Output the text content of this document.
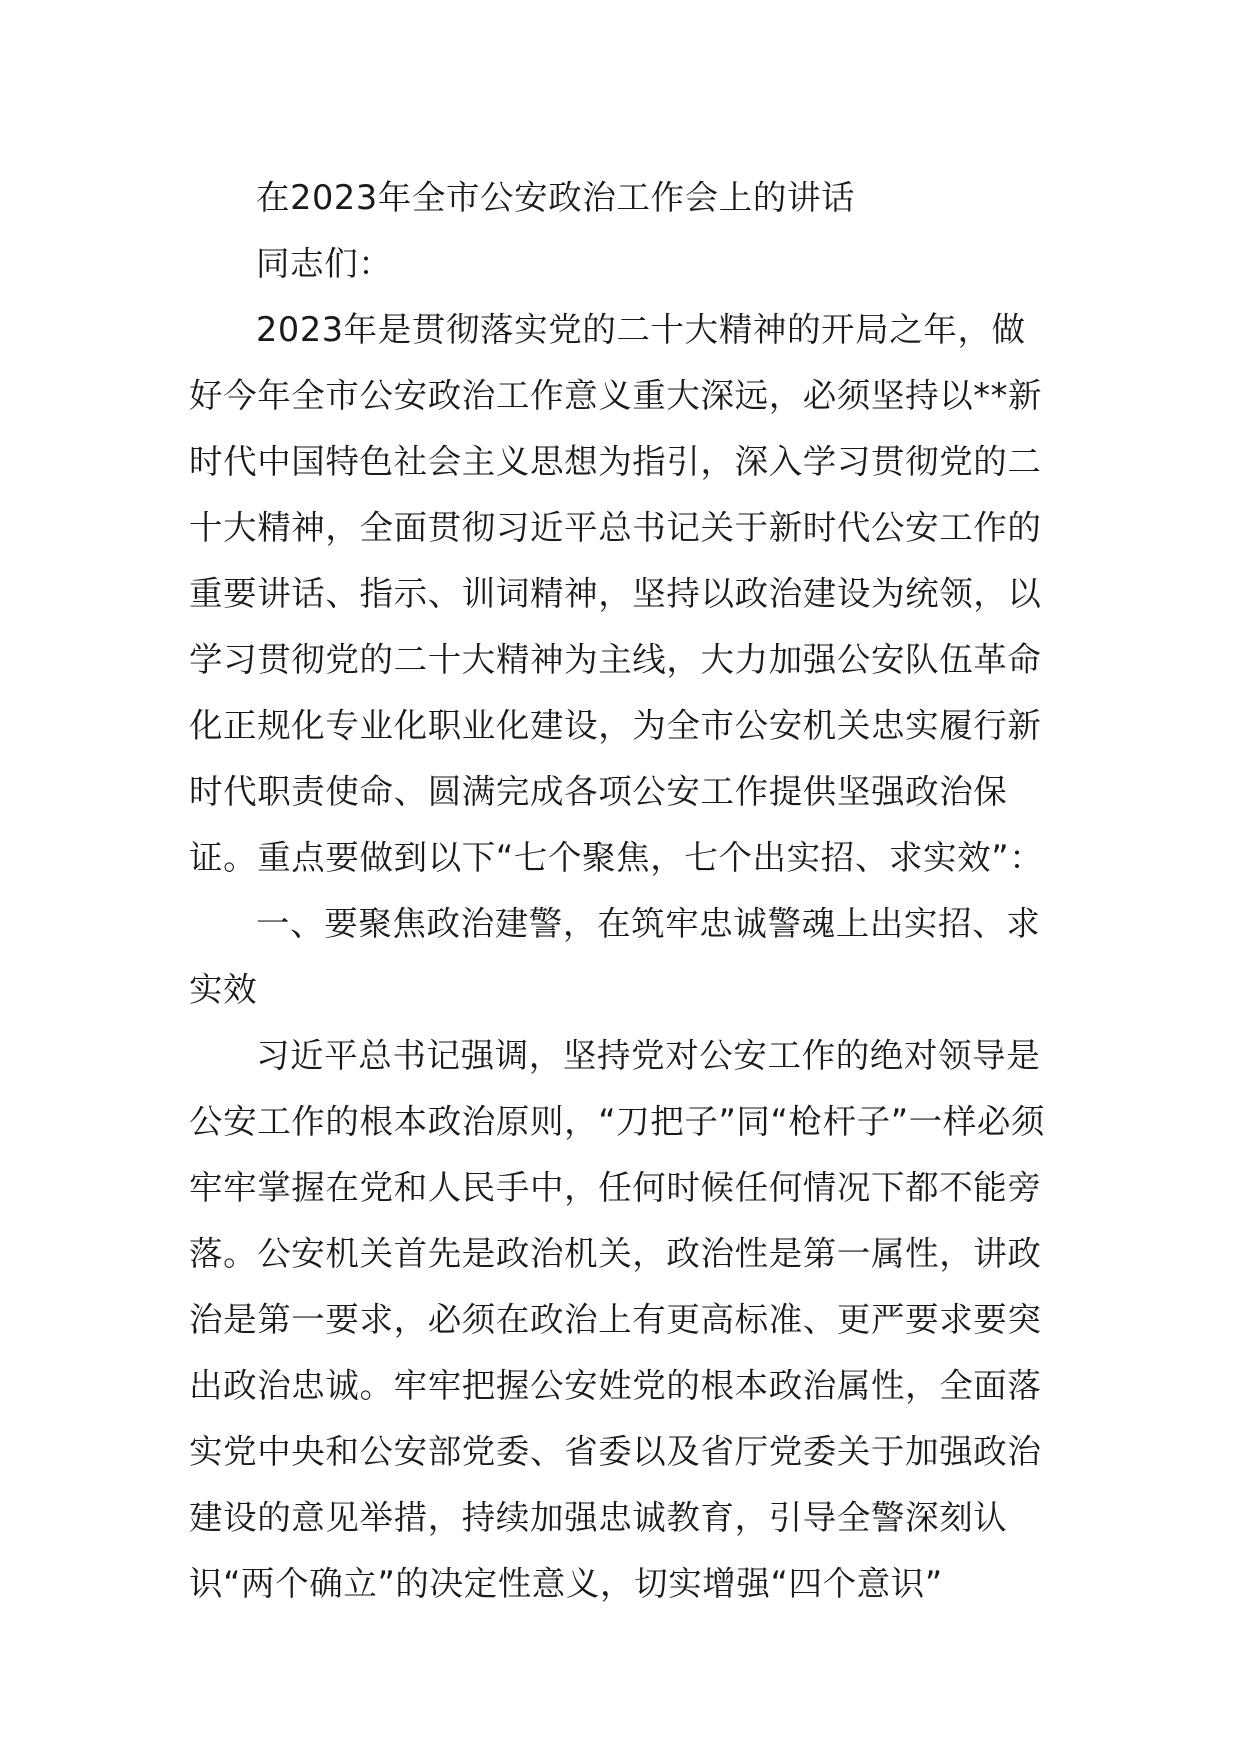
在2023年全市公安政治工作会上的讲话

同志们：

2023年是贯彻落实党的二十大精神的开局之年，做好今年全市公安政治工作意义重大深远，必须坚持以**新时代中国特色社会主义思想为指引，深入学习贯彻党的二十大精神，全面贯彻习近平总书记关于新时代公安工作的重要讲话、指示、训词精神，坚持以政治建设为统领，以学习贯彻党的二十大精神为主线，大力加强公安队伍革命化正规化专业化职业化建设，为全市公安机关忠实履行新时代职责使命、圆满完成各项公安工作提供坚强政治保证。重点要做到以下“七个聚焦，七个出实招、求实效”：

一、要聚焦政治建警，在筑牢忠诚警魂上出实招、求实效

习近平总书记强调，坚持党对公安工作的绝对领导是公安工作的根本政治原则，“刀把子”同“枪杆子”一样必须牢牢掌握在党和人民手中，任何时候任何情况下都不能旁落。公安机关首先是政治机关，政治性是第一属性，讲政治是第一要求，必须在政治上有更高标准、更严要求要突出政治忠诚。牢牢把握公安姓党的根本政治属性，全面落实党中央和公安部党委、省委以及省厅党委关于加强政治建设的意见举措，持续加强忠诚教育，引导全警深刻认识“两个确立”的决定性意义，切实增强“四个意识”
